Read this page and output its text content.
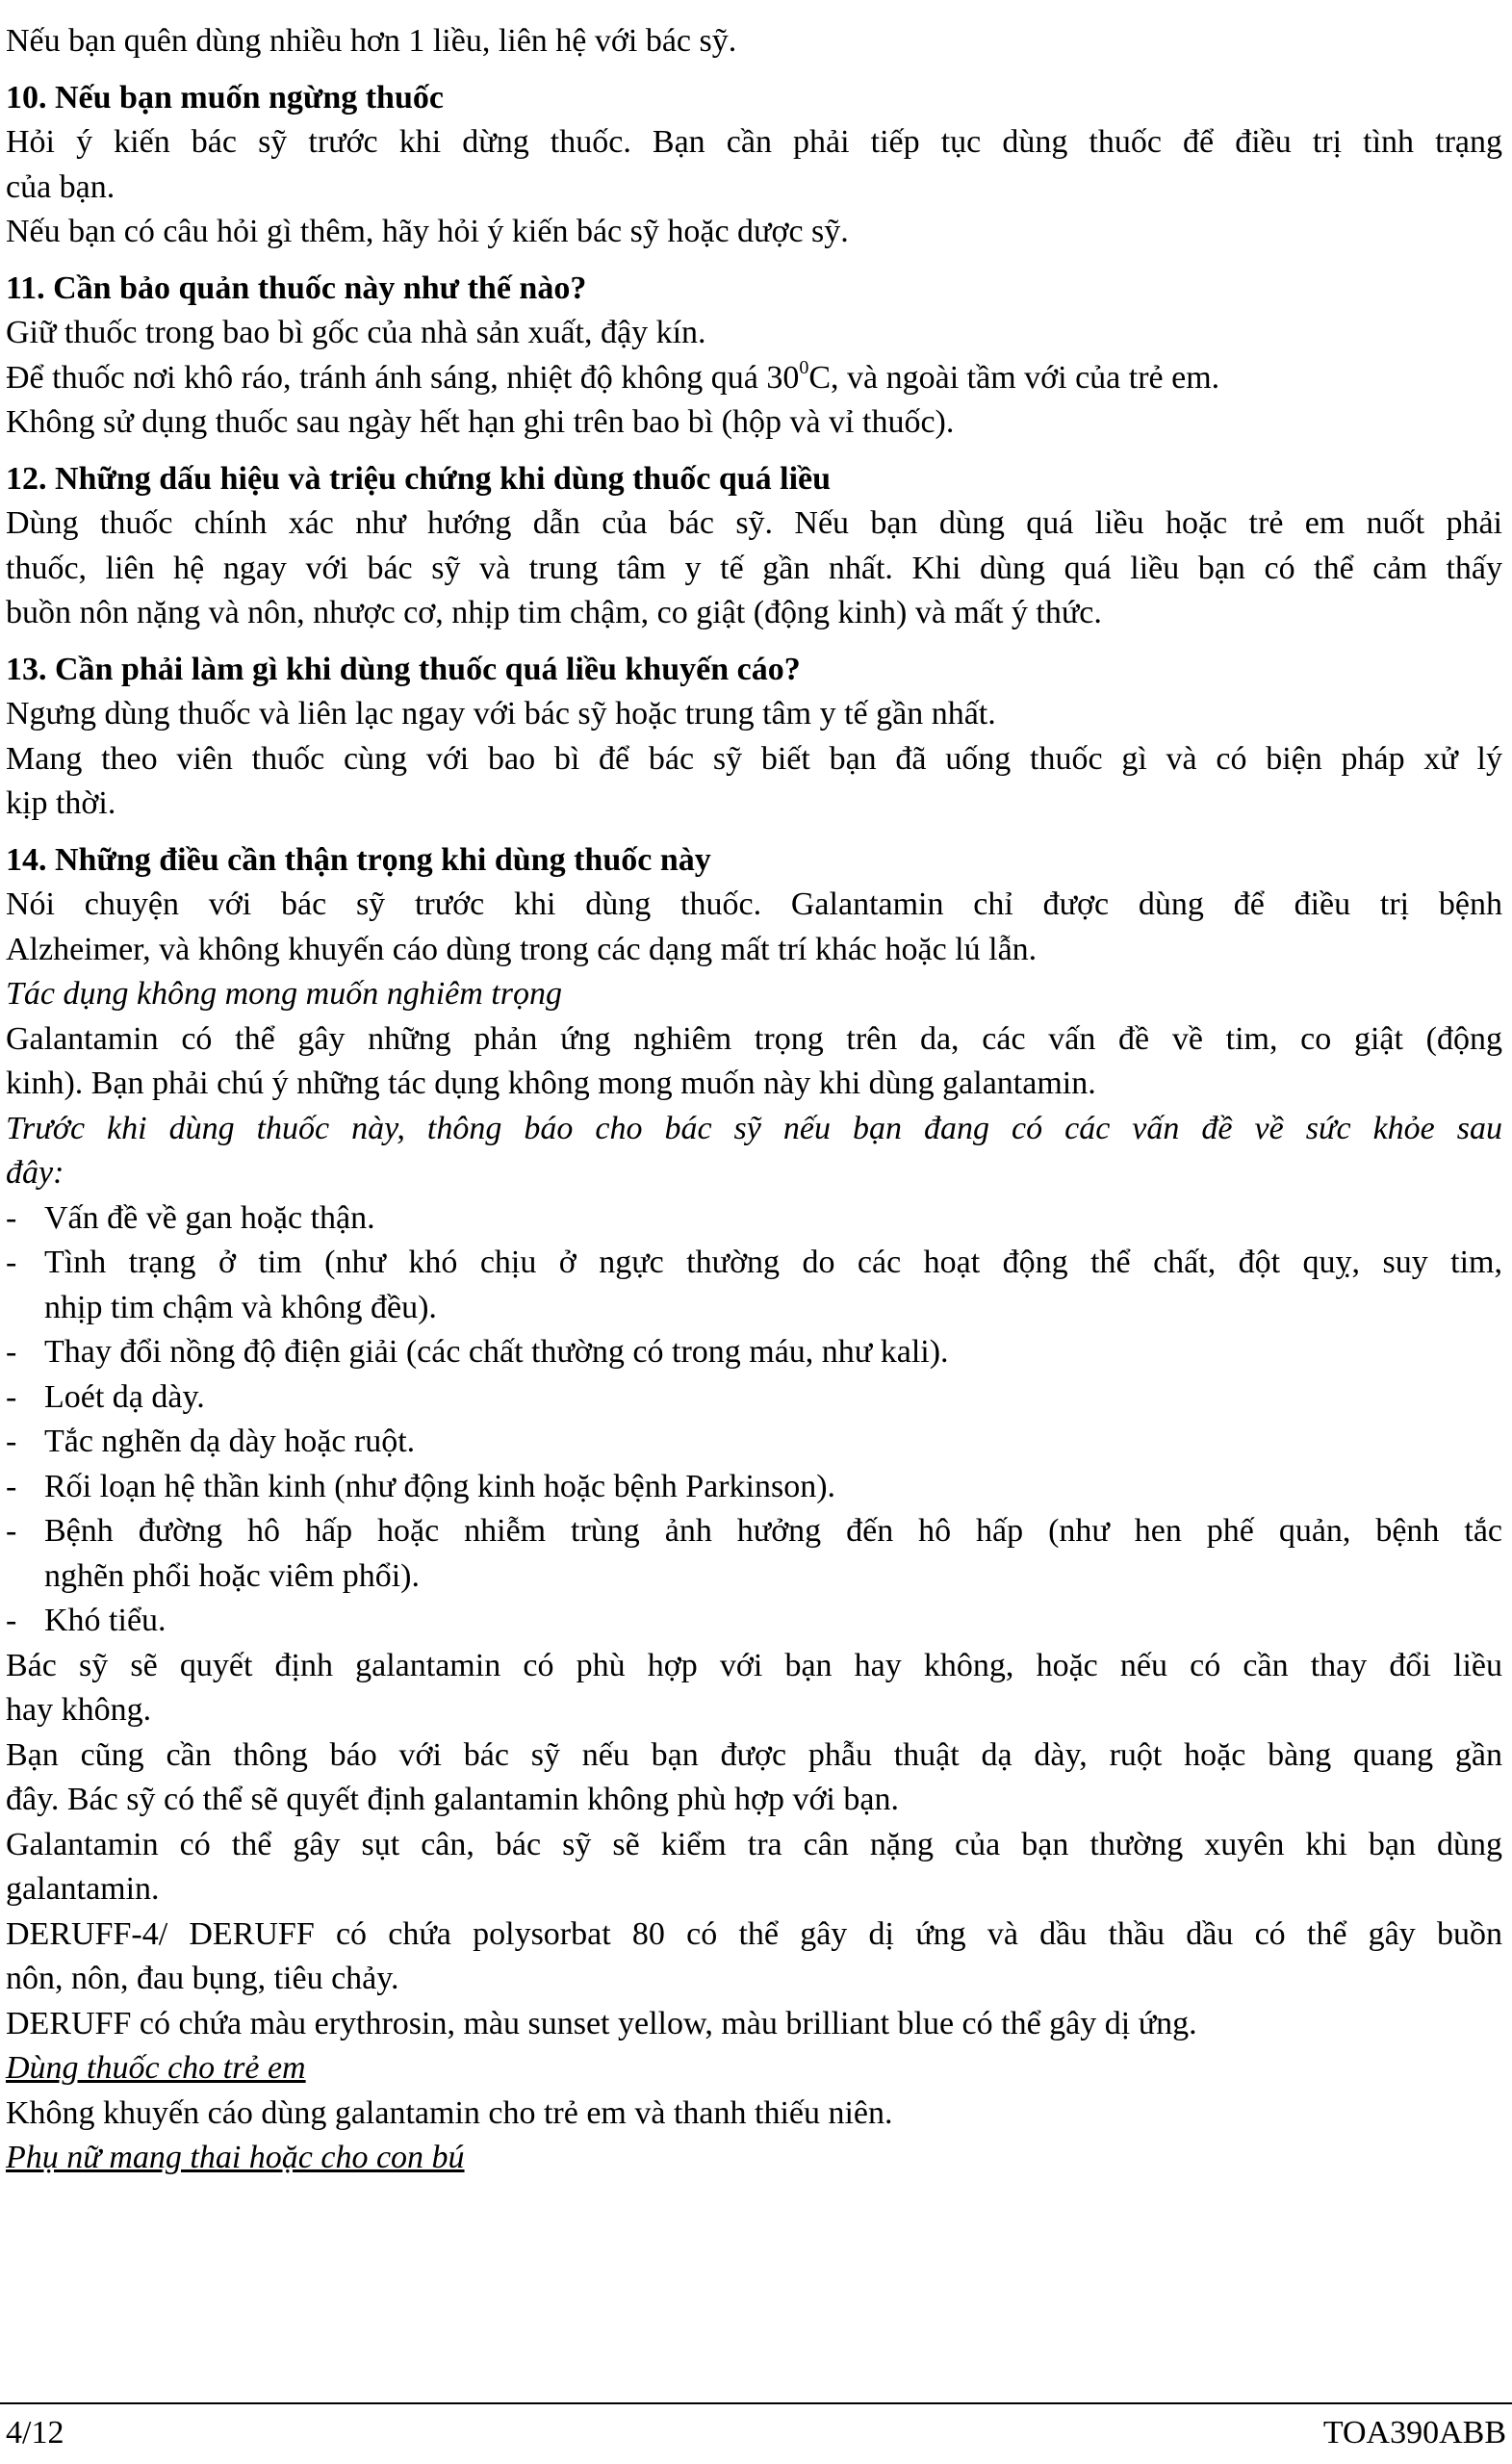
Nếu bạn quên dùng nhiều hơn 1 liều, liên hệ với bác sỹ.
10. Nếu bạn muốn ngừng thuốc
Hỏi ý kiến bác sỹ trước khi dừng thuốc. Bạn cần phải tiếp tục dùng thuốc để điều trị tình trạng
của bạn.
Nếu bạn có câu hỏi gì thêm, hãy hỏi ý kiến bác sỹ hoặc dược sỹ.
11. Cần bảo quản thuốc này như thế nào?
Giữ thuốc trong bao bì gốc của nhà sản xuất, đậy kín.
Để thuốc nơi khô ráo, tránh ánh sáng, nhiệt độ không quá $30^0C$, và ngoài tầm với của trẻ em.
Không sử dụng thuốc sau ngày hết hạn ghi trên bao bì (hộp và vỉ thuốc).
12. Những dấu hiệu và triệu chứng khi dùng thuốc quá liều
Dùng thuốc chính xác như hướng dẫn của bác sỹ. Nếu bạn dùng quá liều hoặc trẻ em nuốt phải
thuốc, liên hệ ngay với bác sỹ và trung tâm y tế gần nhất. Khi dùng quá liều bạn có thể cảm thấy
buồn nôn nặng và nôn, nhược cơ, nhịp tim chậm, co giật (động kinh) và mất ý thức.
13. Cần phải làm gì khi dùng thuốc quá liều khuyến cáo?
Ngưng dùng thuốc và liên lạc ngay với bác sỹ hoặc trung tâm y tế gần nhất.
Mang theo viên thuốc cùng với bao bì để bác sỹ biết bạn đã uống thuốc gì và có biện pháp xử lý
kịp thời.
14. Những điều cần thận trọng khi dùng thuốc này
Nói chuyện với bác sỹ trước khi dùng thuốc. Galantamin chỉ được dùng để điều trị bệnh
Alzheimer, và không khuyến cáo dùng trong các dạng mất trí khác hoặc lú lẫn.
Tác dụng không mong muốn nghiêm trọng
Galantamin có thể gây những phản ứng nghiêm trọng trên da, các vấn đề về tim, co giật (động
kinh). Bạn phải chú ý những tác dụng không mong muốn này khi dùng galantamin.
Trước khi dùng thuốc này, thông báo cho bác sỹ nếu bạn đang có các vấn đề về sức khỏe sau
đây:
- Vấn đề về gan hoặc thận.
- Tình trạng ở tim (như khó chịu ở ngực thường do các hoạt động thể chất, đột quỵ, suy tim,
nhịp tim chậm và không đều).
- Thay đổi nồng độ điện giải (các chất thường có trong máu, như kali).
- Loét dạ dày.
- Tắc nghẽn dạ dày hoặc ruột.
- Rối loạn hệ thần kinh (như động kinh hoặc bệnh Parkinson).
- Bệnh đường hô hấp hoặc nhiễm trùng ảnh hưởng đến hô hấp (như hen phế quản, bệnh tắc
nghẽn phổi hoặc viêm phổi).
- Khó tiểu.
Bác sỹ sẽ quyết định galantamin có phù hợp với bạn hay không, hoặc nếu có cần thay đổi liều
hay không.
Bạn cũng cần thông báo với bác sỹ nếu bạn được phẫu thuật dạ dày, ruột hoặc bàng quang gần
đây. Bác sỹ có thể sẽ quyết định galantamin không phù hợp với bạn.
Galantamin có thể gây sụt cân, bác sỹ sẽ kiểm tra cân nặng của bạn thường xuyên khi bạn dùng
galantamin.
DERUFF-4/ DERUFF có chứa polysorbat 80 có thể gây dị ứng và dầu thầu dầu có thể gây buồn
nôn, nôn, đau bụng, tiêu chảy.
DERUFF có chứa màu erythrosin, màu sunset yellow, màu brilliant blue có thể gây dị ứng.
Dùng thuốc cho trẻ em
Không khuyến cáo dùng galantamin cho trẻ em và thanh thiếu niên.
Phụ nữ mang thai hoặc cho con bú
4/12	TOA390ABB
